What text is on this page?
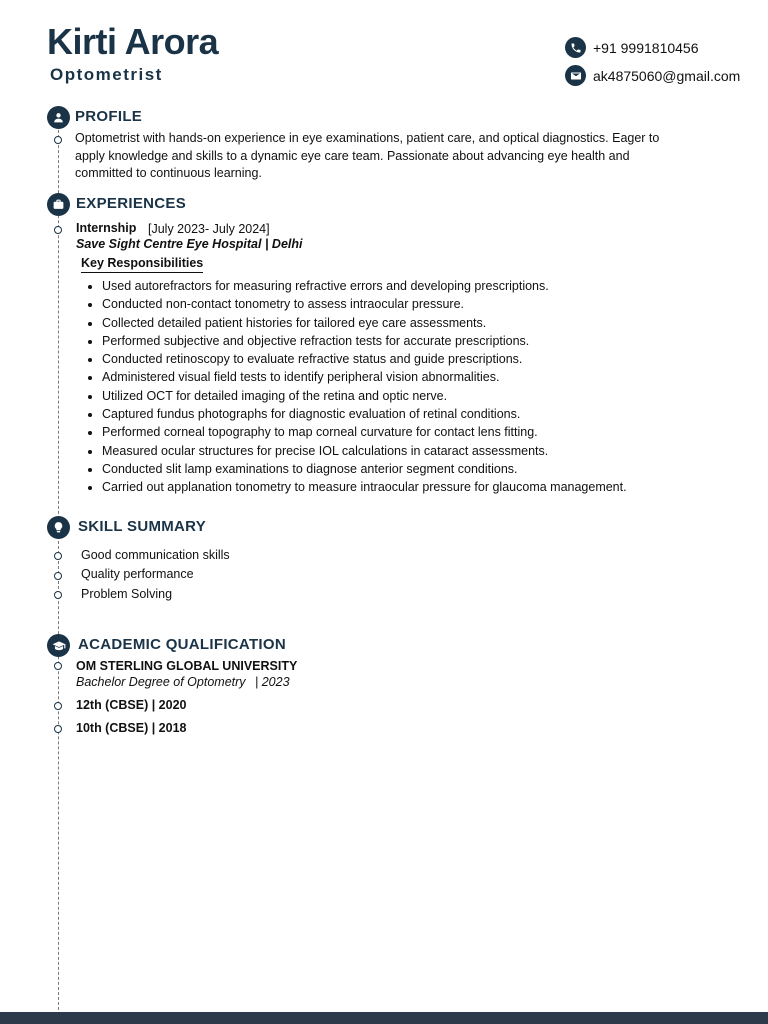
Kirti Arora
Optometrist
+91 9991810456
ak4875060@gmail.com
PROFILE
Optometrist with hands-on experience in eye examinations, patient care, and optical diagnostics. Eager to apply knowledge and skills to a dynamic eye care team. Passionate about advancing eye health and committed to continuous learning.
EXPERIENCES
Internship [July 2023- July 2024]
Save Sight Centre Eye Hospital | Delhi
Key Responsibilities
• Used autorefractors for measuring refractive errors and developing prescriptions.
• Conducted non-contact tonometry to assess intraocular pressure.
• Collected detailed patient histories for tailored eye care assessments.
• Performed subjective and objective refraction tests for accurate prescriptions.
• Conducted retinoscopy to evaluate refractive status and guide prescriptions.
• Administered visual field tests to identify peripheral vision abnormalities.
• Utilized OCT for detailed imaging of the retina and optic nerve.
• Captured fundus photographs for diagnostic evaluation of retinal conditions.
• Performed corneal topography to map corneal curvature for contact lens fitting.
• Measured ocular structures for precise IOL calculations in cataract assessments.
• Conducted slit lamp examinations to diagnose anterior segment conditions.
• Carried out applanation tonometry to measure intraocular pressure for glaucoma management.
SKILL SUMMARY
Good communication skills
Quality performance
Problem Solving
ACADEMIC QUALIFICATION
OM STERLING GLOBAL UNIVERSITY
Bachelor Degree of Optometry | 2023
12th (CBSE) | 2020
10th (CBSE) | 2018
